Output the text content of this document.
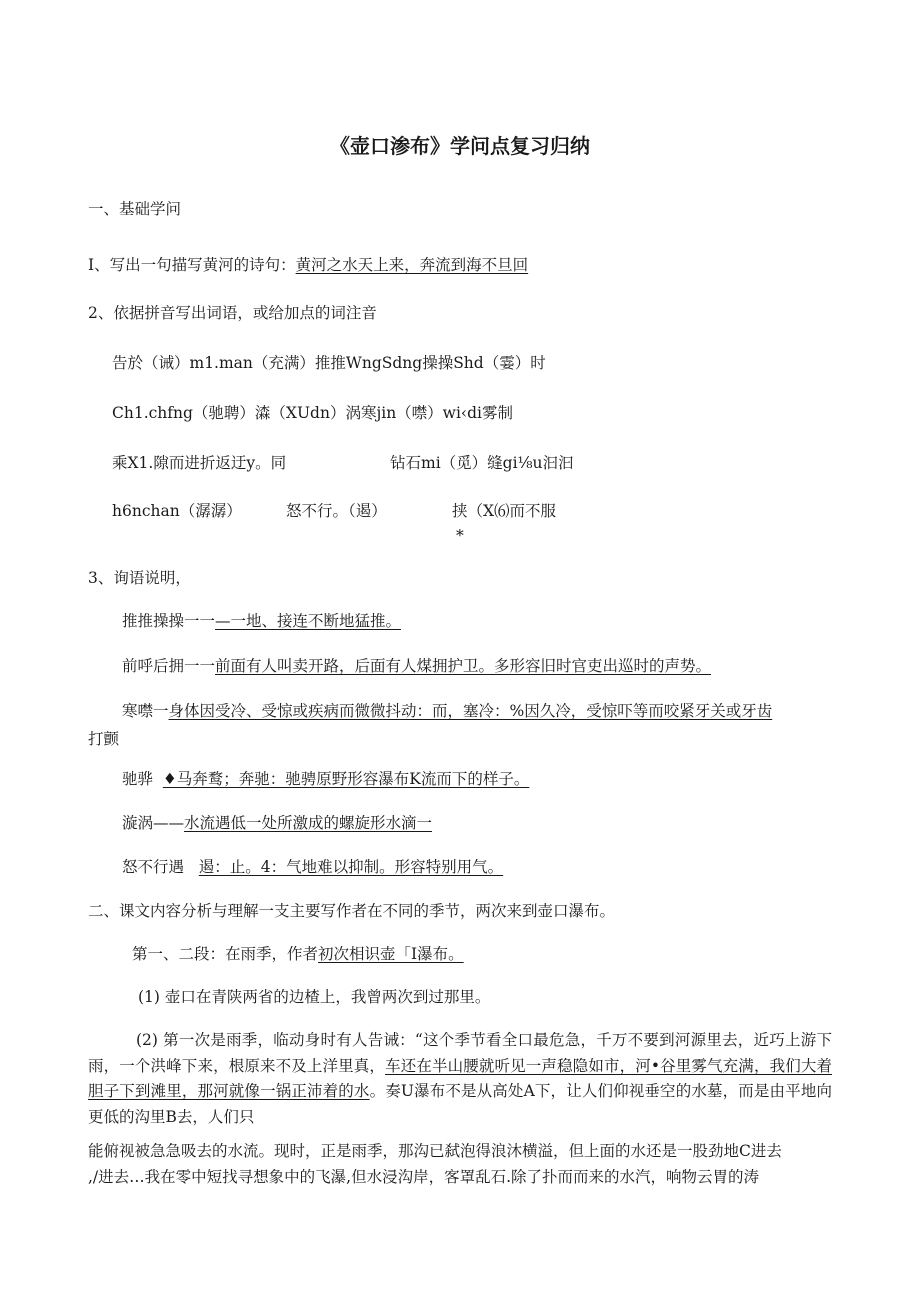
《壶口渗布》学问点复习归纳
一、基础学问
I、写出一句描写黄河的诗句：黄河之水天上来，奔流到海不旦回
2、依据拼音写出词语，或给加点的词注音
告於（诫）m1.man（充满）推推WngSdng操操Shd（霎）时
Ch1.chfng（驰聘）潹（XUdn）涡寒jin（噤）wi‹di雾制
乘X1.隙而进折返迂y。同	钻石mi（觅）缝gi⅛u汩汩
h6nchan（潺潺）	怒不行。（遏）	挟（X⑹而不服
*
3、询语说明，
推推操操一一—一地、接连不断地猛推。
前呼后拥一一前面有人叫卖开路，后面有人煤拥护卫。多形容旧时官吏出巡时的声势。
寒噤一身体因受冷、受惊或疾病而微微抖动：而，塞冷：%因久冷，受惊吓等而咬紧牙关或牙齿
打颤
驰骅 ♦马奔鹜；奔驰：驰骋原野形容瀑布K流而下的样子。
漩涡——水流遇低一处所激成的螺旋形水滴一
怒不行遇 遏：止。4：气地难以抑制。形容特别用气。
二、课文内容分析与理解一支主要写作者在不同的季节，两次来到壶口瀑布。
第一、二段：在雨季，作者初次相识壶「I瀑布。
(1) 壶口在青陕两省的边楂上，我曾两次到过那里。
(2) 第一次是雨季，临动身时有人告诫：“这个季节看全口最危急，千万不要到河源里去，近巧上游下雨，一个洪峰下来，根原来不及上洋里真，车还在半山腰就听见一声稳隐如市，河•谷里雾气充满，我们大着胆子下到滩里，那河就像一锅正沛着的水。奏U瀑布不是从高处A下，让人们仰视垂空的水墓，而是由平地向更低的沟里B去，人们只
能俯视被急急吸去的水流。现时，正是雨季，那沟已弑泡得浪沐横溢，但上面的水还是一股劲地C进去
,/进去…我在零中短找寻想象中的飞瀑,但水浸沟岸，客罩乱石.除了扑而而来的水汽，响物云胃的涛
